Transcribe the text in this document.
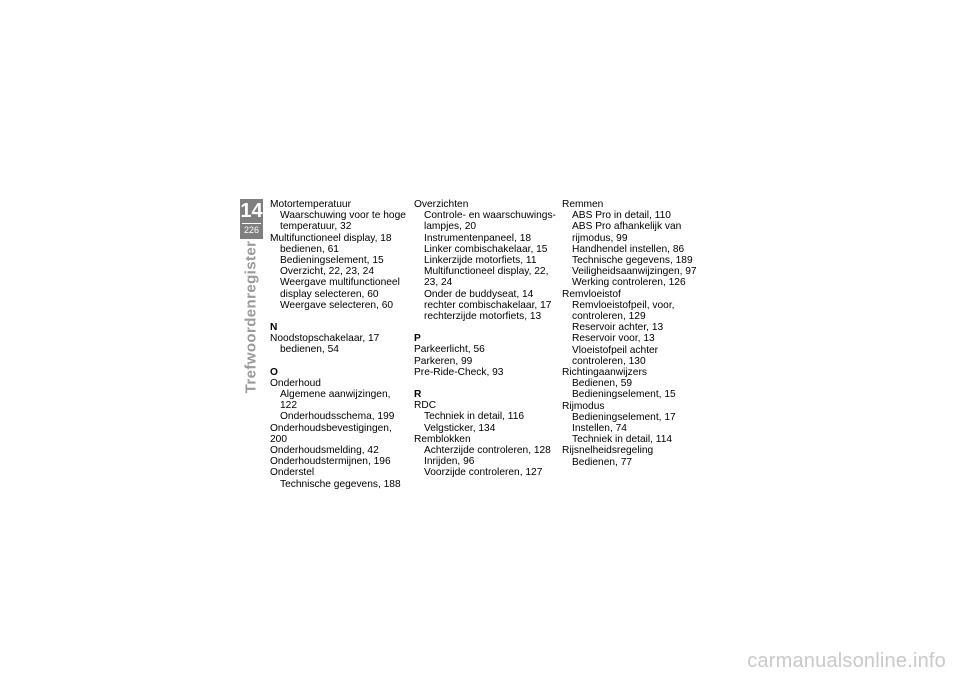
14
226
Trefwoordenregister
Motortemperatuur
Waarschuwing voor te hoge temperatuur, 32
Multifunctioneel display, 18
bedienen, 61
Bedieningselement, 15
Overzicht, 22, 23, 24
Weergave multifunctioneel display selecteren, 60
Weergave selecteren, 60
N
Noodstopschakelaar, 17
bedienen, 54
O
Onderhoud
Algemene aanwijzingen, 122
Onderhoudsschema, 199
Onderhoudsbevestigingen, 200
Onderhoudsmelding, 42
Onderhoudstermijnen, 196
Onderstel
Technische gegevens, 188
Overzichten
Controle- en waarschuwings-lampjes, 20
Instrumentenpaneel, 18
Linker combischakelaar, 15
Linkerzijde motorfiets, 11
Multifunctioneel display, 22, 23, 24
Onder de buddyseat, 14
rechter combischakelaar, 17
rechterzijde motorfiets, 13
P
Parkeerlicht, 56
Parkeren, 99
Pre-Ride-Check, 93
R
RDC
Techniek in detail, 116
Velgsticker, 134
Remblokken
Achterzijde controleren, 128
Inrijden, 96
Voorzijde controleren, 127
Remmen
ABS Pro in detail, 110
ABS Pro afhankelijk van rijmodus, 99
Handhendel instellen, 86
Technische gegevens, 189
Veiligheidsaanwijzingen, 97
Werking controleren, 126
Remvloeistof
Remvloeistofpeil, voor, controleren, 129
Reservoir achter, 13
Reservoir voor, 13
Vloeistofpeil achter controleren, 130
Richtingaanwijzers
Bedienen, 59
Bedieningselement, 15
Rijmodus
Bedieningselement, 17
Instellen, 74
Techniek in detail, 114
Rijsnelheidsregeling
Bedienen, 77
carmanualsonline.info
